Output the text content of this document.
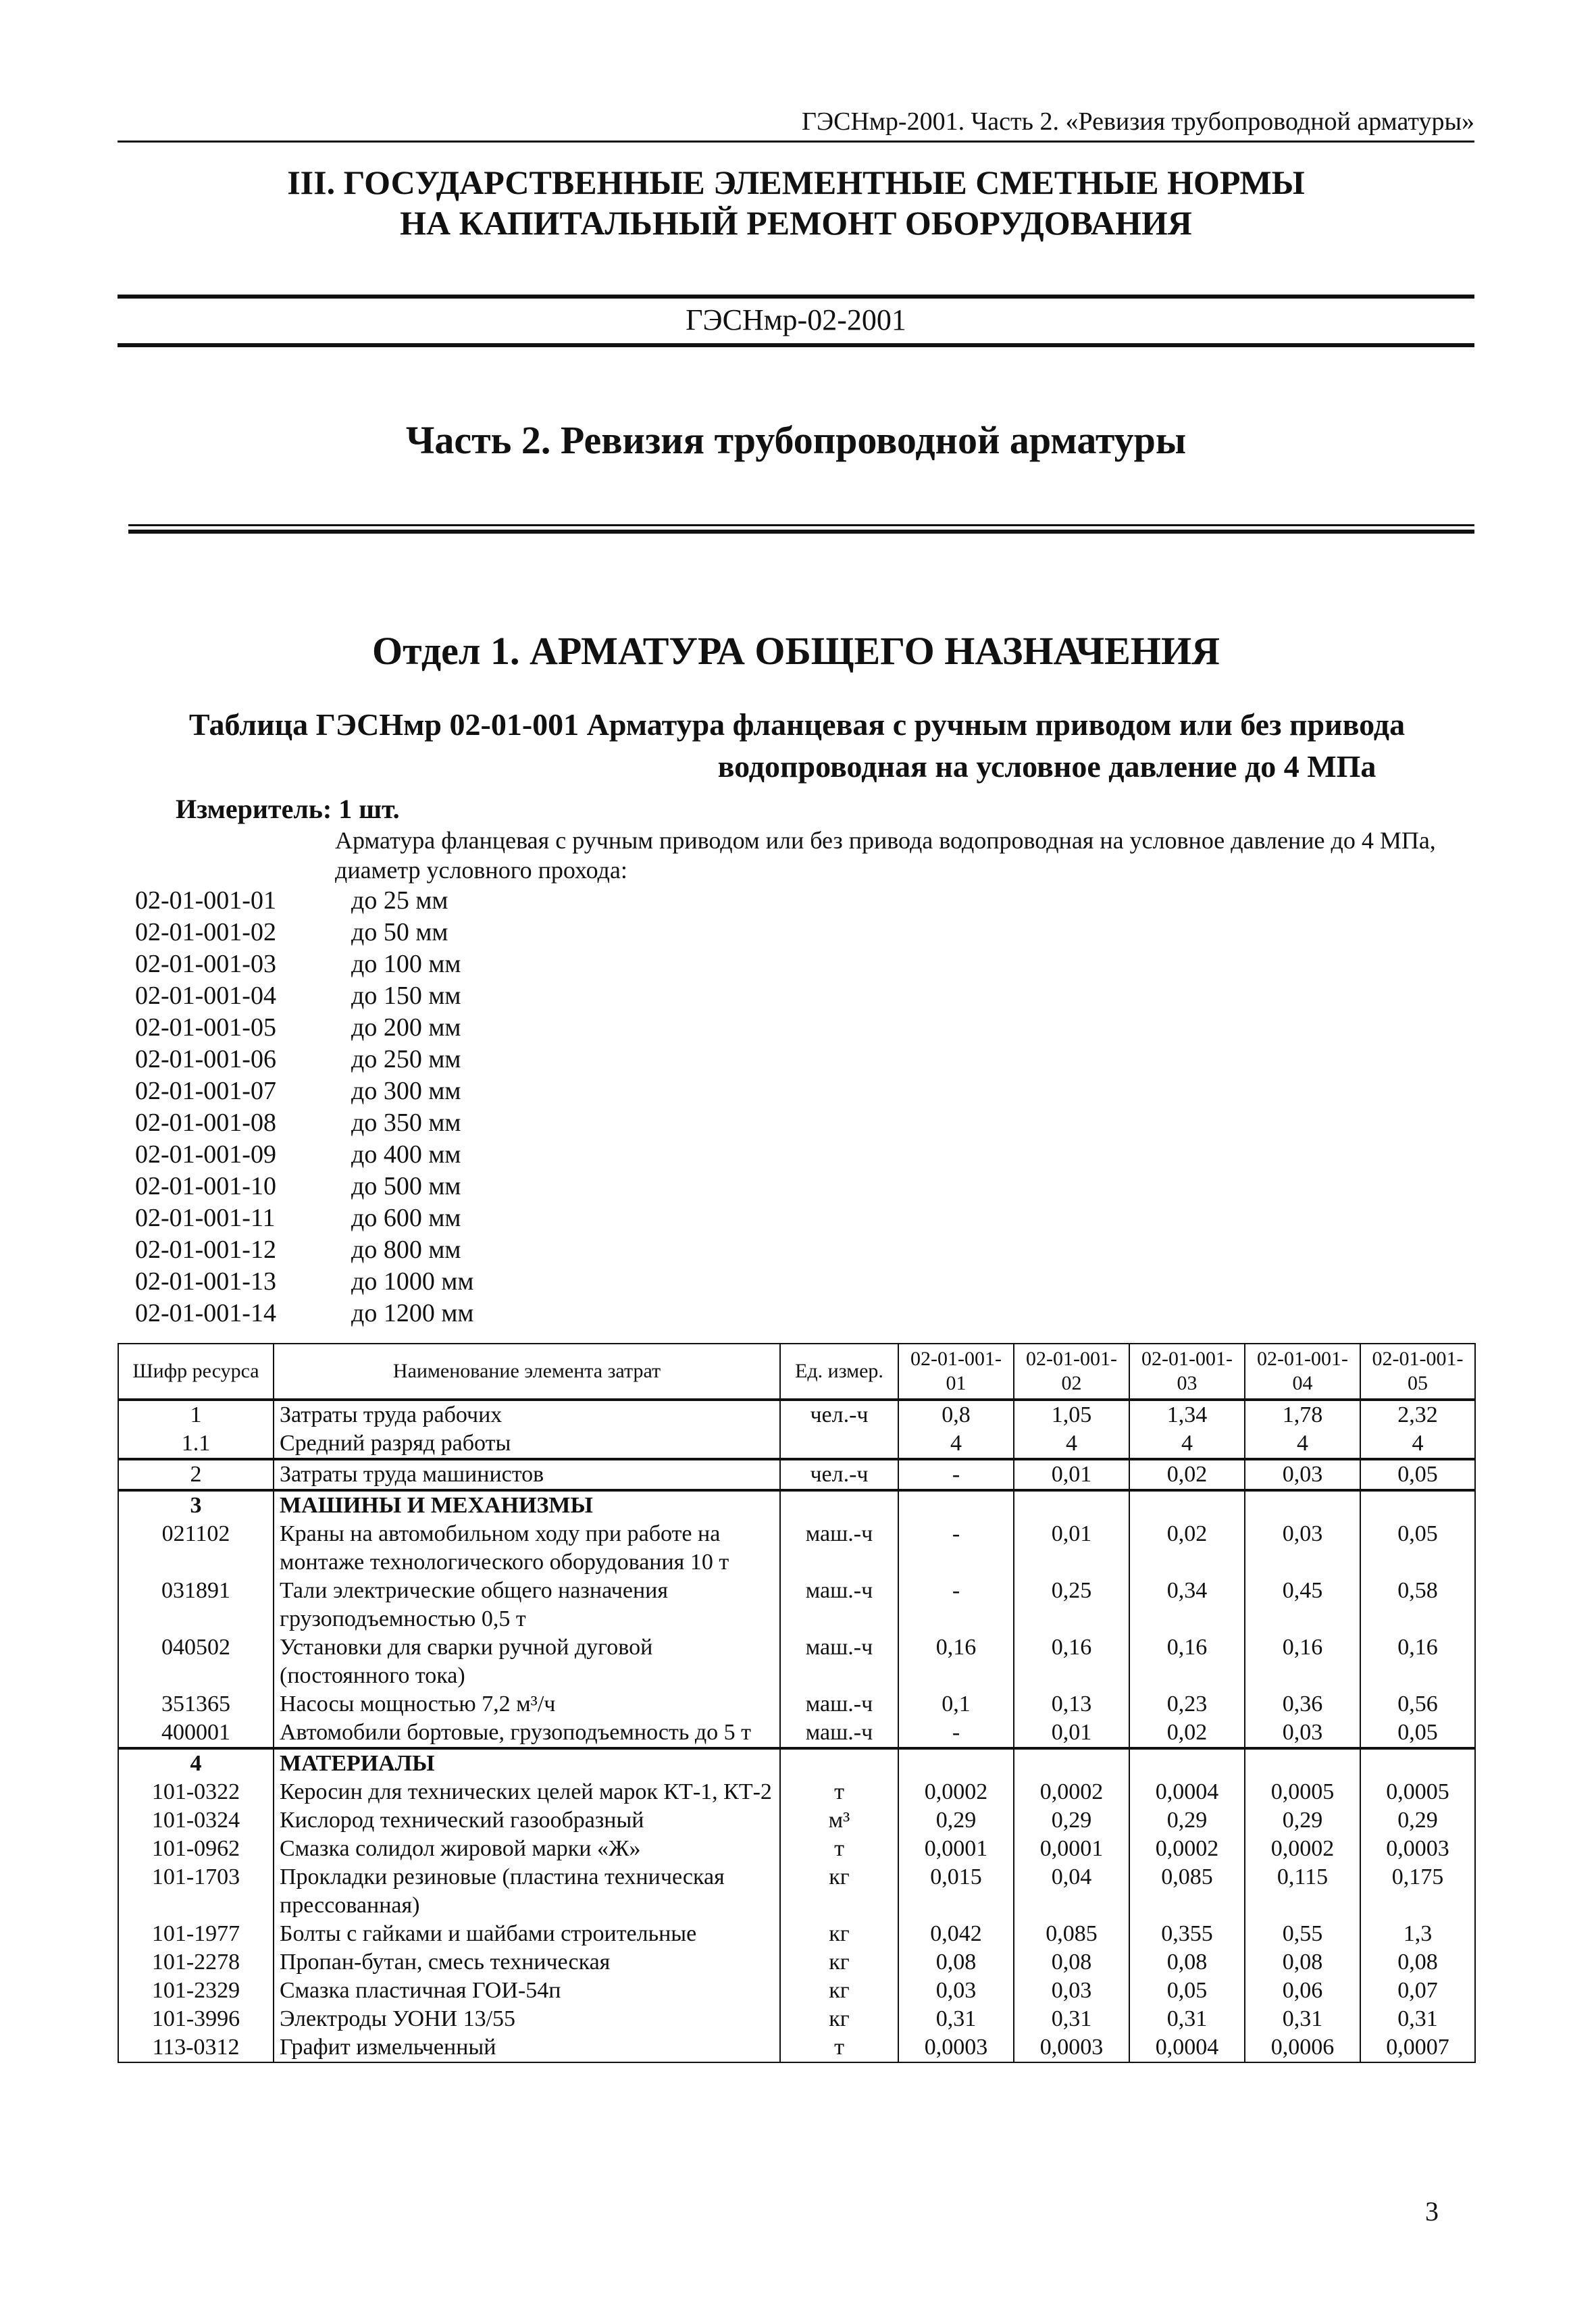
ГЭСНмр-2001. Часть 2. «Ревизия трубопроводной арматуры»
III. ГОСУДАРСТВЕННЫЕ ЭЛЕМЕНТНЫЕ СМЕТНЫЕ НОРМЫ
НА КАПИТАЛЬНЫЙ РЕМОНТ ОБОРУДОВАНИЯ
ГЭСНмр-02-2001
Часть 2. Ревизия трубопроводной арматуры
Отдел 1. АРМАТУРА ОБЩЕГО НАЗНАЧЕНИЯ
Таблица ГЭСНмр 02-01-001 Арматура фланцевая с ручным приводом или без привода
водопроводная на условное давление до 4 МПа
Измеритель: 1 шт.
Арматура фланцевая с ручным приводом или без привода водопроводная на условное давление до 4 МПа, диаметр условного прохода:
02-01-001-01	до 25 мм
02-01-001-02	до 50 мм
02-01-001-03	до 100 мм
02-01-001-04	до 150 мм
02-01-001-05	до 200 мм
02-01-001-06	до 250 мм
02-01-001-07	до 300 мм
02-01-001-08	до 350 мм
02-01-001-09	до 400 мм
02-01-001-10	до 500 мм
02-01-001-11	до 600 мм
02-01-001-12	до 800 мм
02-01-001-13	до 1000 мм
02-01-001-14	до 1200 мм
Шифр ресурса	Наименование элемента затрат	Ед. измер.	02-01-001-01	02-01-001-02	02-01-001-03	02-01-001-04	02-01-001-05
1	Затраты труда рабочих	чел.-ч	0,8	1,05	1,34	1,78	2,32
1.1	Средний разряд работы		4	4	4	4	4
2	Затраты труда машинистов	чел.-ч	-	0,01	0,02	0,03	0,05
3	МАШИНЫ И МЕХАНИЗМЫ						
021102	Краны на автомобильном ходу при работе на монтаже технологического оборудования 10 т	маш.-ч	-	0,01	0,02	0,03	0,05
031891	Тали электрические общего назначения грузоподъемностью 0,5 т	маш.-ч	-	0,25	0,34	0,45	0,58
040502	Установки для сварки ручной дуговой (постоянного тока)	маш.-ч	0,16	0,16	0,16	0,16	0,16
351365	Насосы мощностью 7,2 м³/ч	маш.-ч	0,1	0,13	0,23	0,36	0,56
400001	Автомобили бортовые, грузоподъемность до 5 т	маш.-ч	-	0,01	0,02	0,03	0,05
4	МАТЕРИАЛЫ						
101-0322	Керосин для технических целей марок КТ-1, КТ-2	т	0,0002	0,0002	0,0004	0,0005	0,0005
101-0324	Кислород технический газообразный	м³	0,29	0,29	0,29	0,29	0,29
101-0962	Смазка солидол жировой марки «Ж»	т	0,0001	0,0001	0,0002	0,0002	0,0003
101-1703	Прокладки резиновые (пластина техническая прессованная)	кг	0,015	0,04	0,085	0,115	0,175
101-1977	Болты с гайками и шайбами строительные	кг	0,042	0,085	0,355	0,55	1,3
101-2278	Пропан-бутан, смесь техническая	кг	0,08	0,08	0,08	0,08	0,08
101-2329	Смазка пластичная ГОИ-54п	кг	0,03	0,03	0,05	0,06	0,07
101-3996	Электроды УОНИ 13/55	кг	0,31	0,31	0,31	0,31	0,31
113-0312	Графит измельченный	т	0,0003	0,0003	0,0004	0,0006	0,0007
3
